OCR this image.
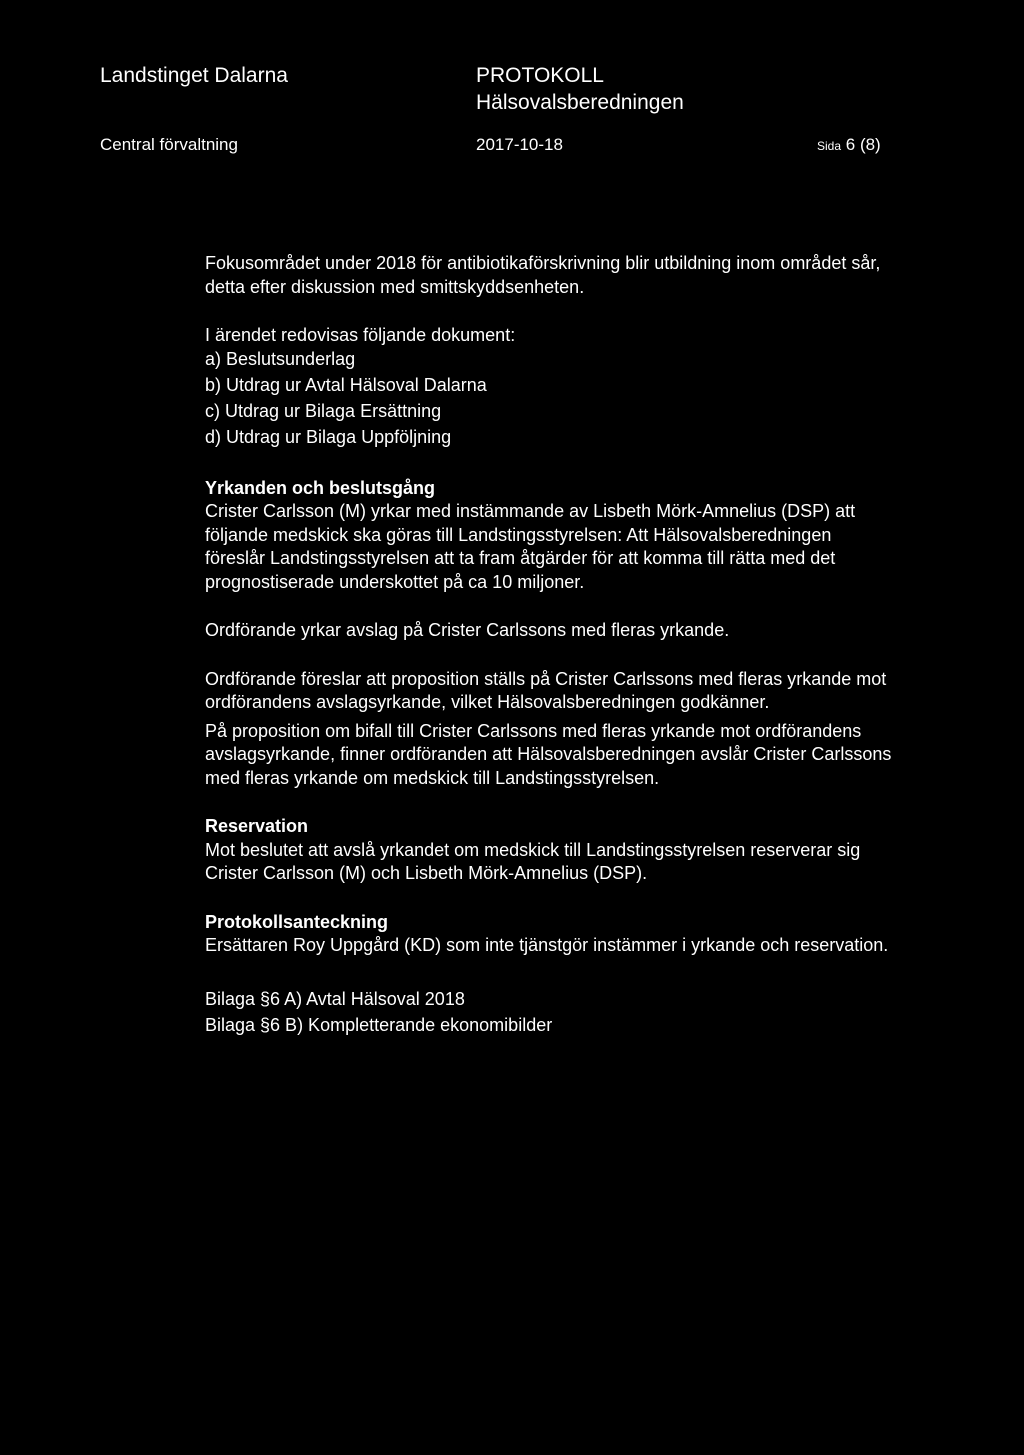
Landstinget Dalarna	PROTOKOLL
Hälsovalsberedningen
Central förvaltning	2017-10-18	Sida 6 (8)

Fokusområdet under 2018 för antibiotikaförskrivning blir utbildning inom området sår, detta efter diskussion med smittskyddsenheten.

I ärendet redovisas följande dokument:

a) Beslutsunderlag
b) Utdrag ur Avtal Hälsoval Dalarna
c) Utdrag ur Bilaga Ersättning
d) Utdrag ur Bilaga Uppföljning

Yrkanden och beslutsgång

Crister Carlsson (M) yrkar med instämmande av Lisbeth Mörk-Amnelius (DSP) att följande medskick ska göras till Landstingsstyrelsen: Att Hälsovalsberedningen föreslår Landstingsstyrelsen att ta fram åtgärder för att komma till rätta med det prognostiserade underskottet på ca 10 miljoner.

Ordförande yrkar avslag på Crister Carlssons med fleras yrkande.

Ordförande föreslar att proposition ställs på Crister Carlssons med fleras yrkande mot ordförandens avslagsyrkande, vilket Hälsovalsberedningen godkänner.

På proposition om bifall till Crister Carlssons med fleras yrkande mot ordförandens avslagsyrkande, finner ordföranden att Hälsovalsberedningen avslår Crister Carlssons med fleras yrkande om medskick till Landstingsstyrelsen.

Reservation

Mot beslutet att avslå yrkandet om medskick till Landstingsstyrelsen reserverar sig Crister Carlsson (M) och Lisbeth Mörk-Amnelius (DSP).

Protokollsanteckning

Ersättaren Roy Uppgård (KD) som inte tjänstgör instämmer i yrkande och reservation.

Bilaga §6 A) Avtal Hälsoval 2018
Bilaga §6 B) Kompletterande ekonomibilder
